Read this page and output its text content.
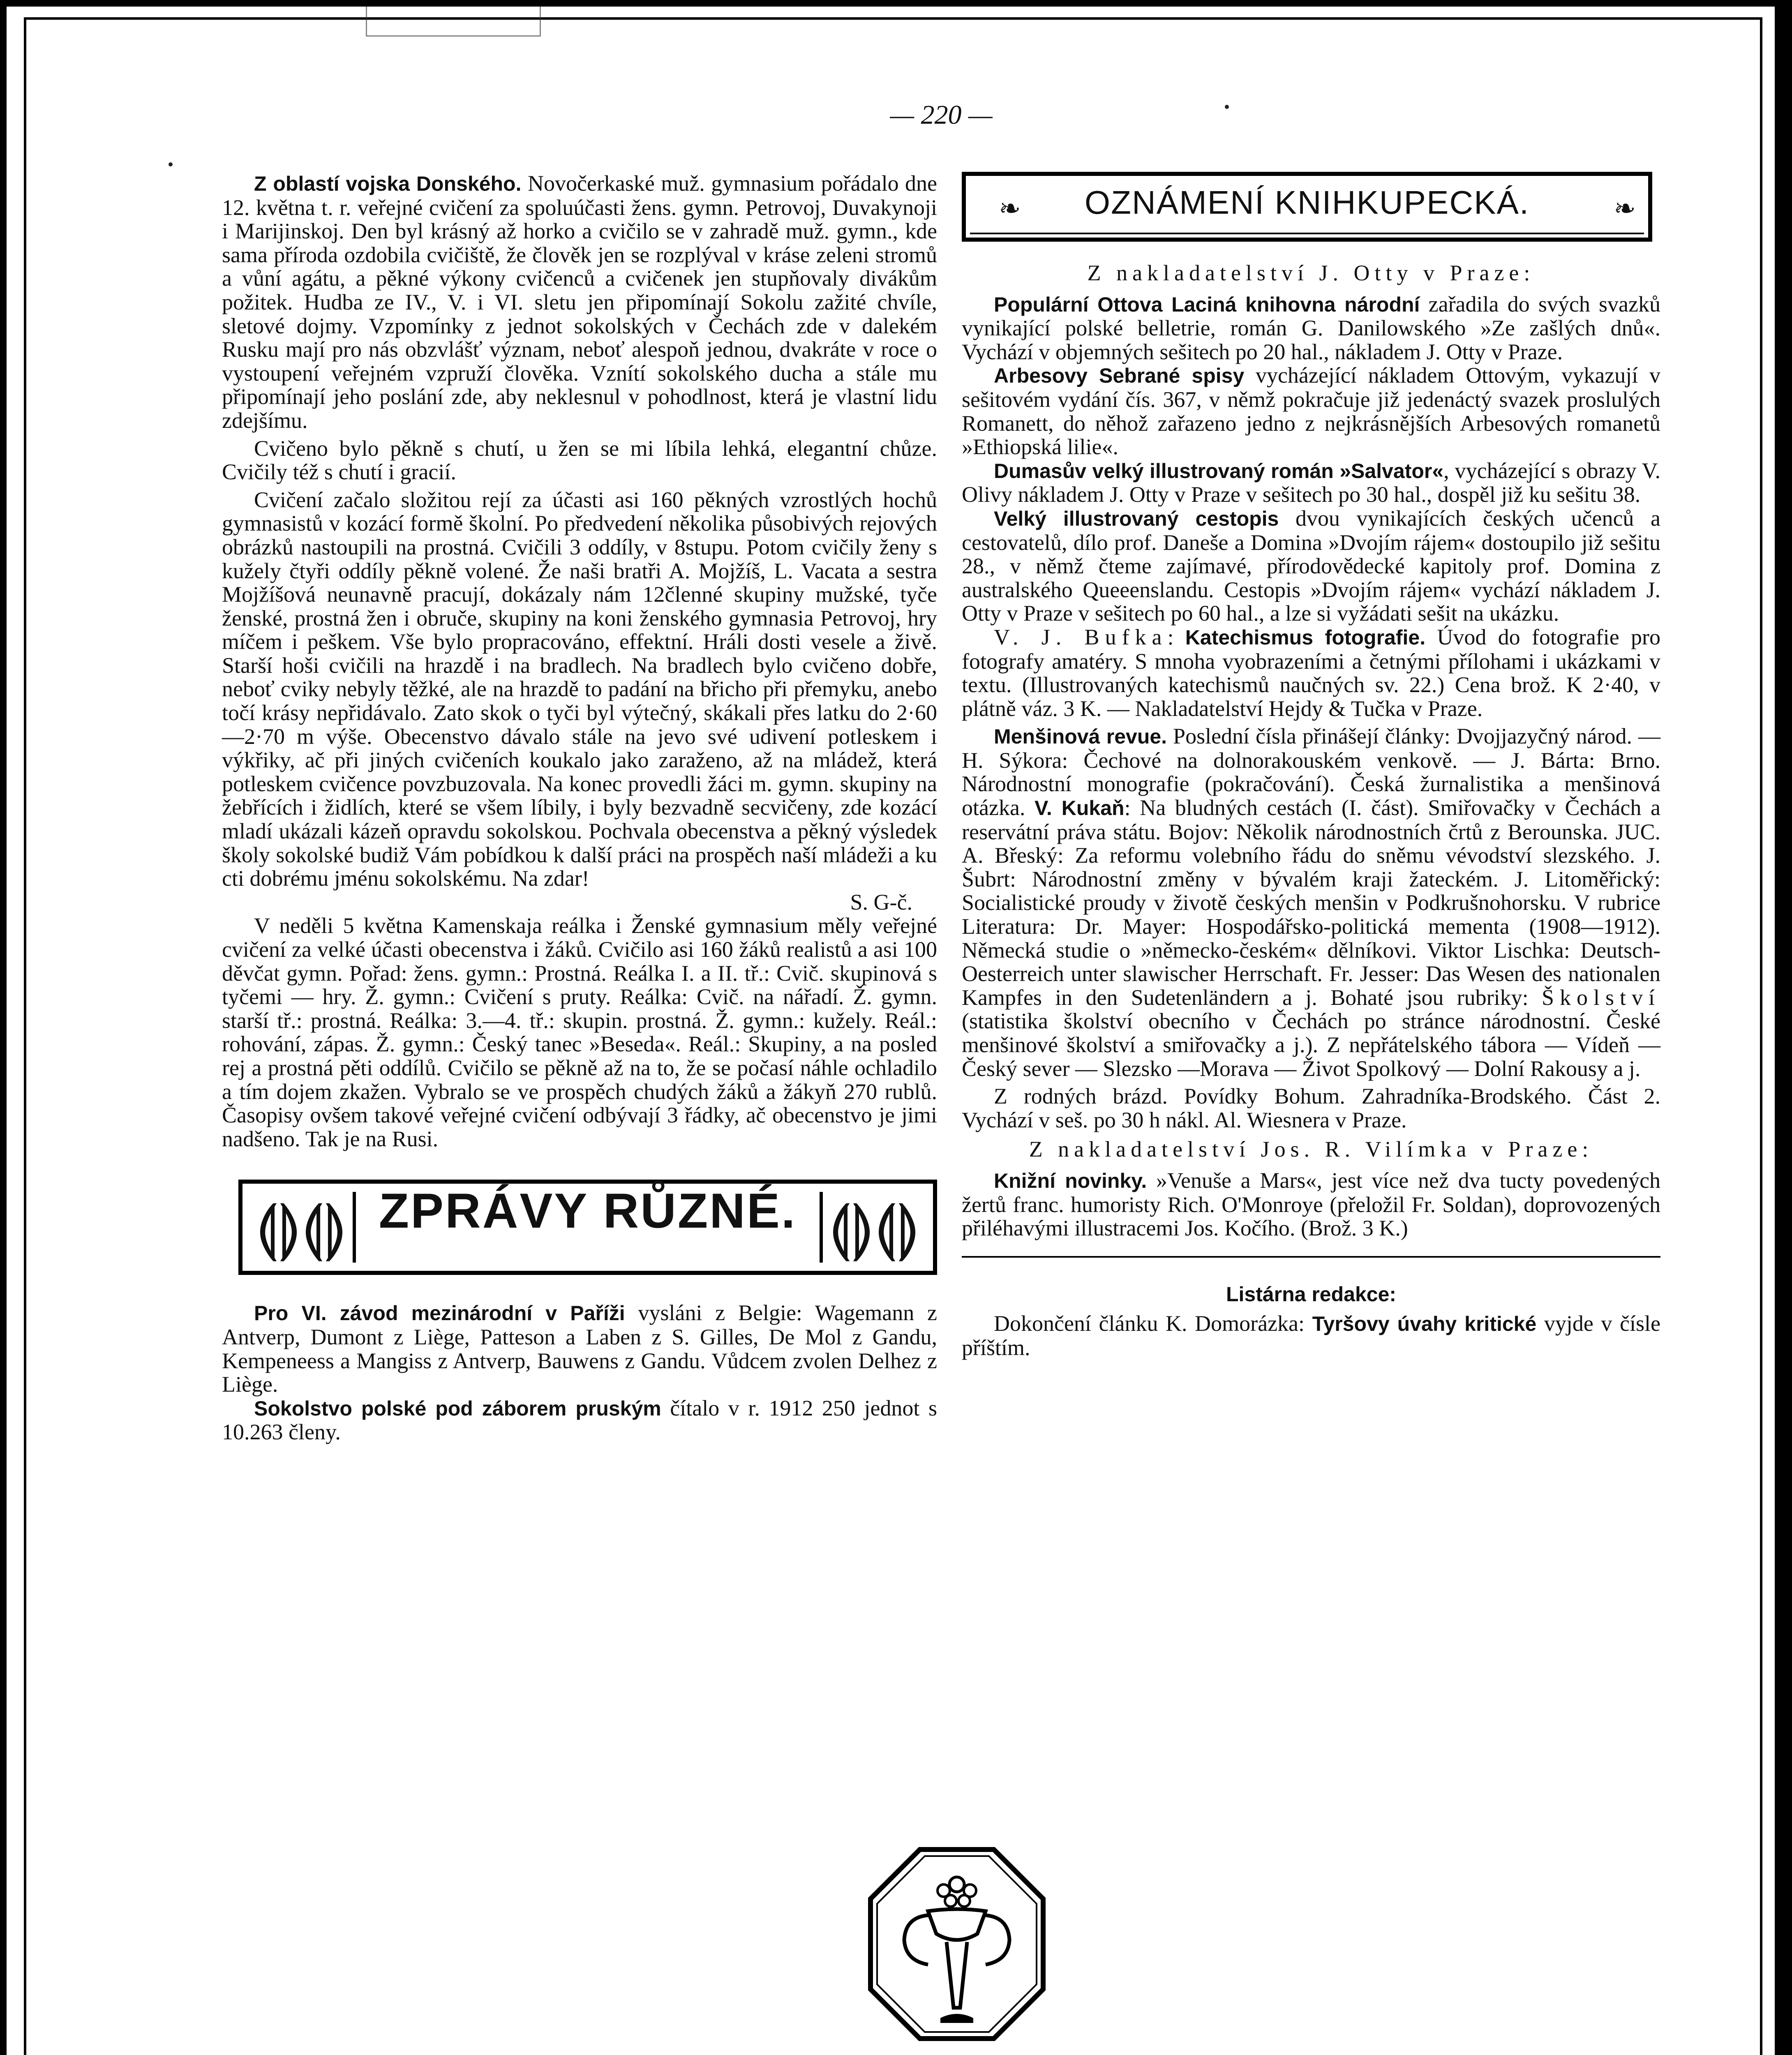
— 220 —

Z oblastí vojska Donského. Novočerkaské muž. gymnasium pořádalo dne 12. května t. r. veřejné cvičení za spoluúčasti žens. gymn. Petrovoj, Duvakynoji i Marijinskoj. Den byl krásný až horko a cvičilo se v zahradě muž. gymn., kde sama příroda ozdobila cvičiště, že člověk jen se rozplýval v kráse zeleni stromů a vůní agátu, a pěkné výkony cvičenců a cvičenek jen stupňovaly divákům požitek. Hudba ze IV., V. i VI. sletu jen připomínají Sokolu zažité chvíle, sletové dojmy. Vzpomínky z jednot sokolských v Čechách zde v dalekém Rusku mají pro nás obzvlášť význam, neboť alespoň jednou, dvakráte v roce o vystoupení veřejném vzpruží člověka. Vznítí sokolského ducha a stále mu připomínají jeho poslání zde, aby neklesnul v pohodlnost, která je vlastní lidu zdejšímu.

Cvičeno bylo pěkně s chutí, u žen se mi líbila lehká, elegantní chůze. Cvičily též s chutí i gracií.

Cvičení začalo složitou rejí za účasti asi 160 pěkných vzrostlých hochů gymnasistů v kozácí formě školní. Po předvedení několika působivých rejových obrázků nastoupili na prostná. Cvičili 3 oddíly, v 8stupu. Potom cvičily ženy s kužely čtyři oddíly pěkně volené. Že naši bratři A. Mojžíš, L. Vacata a sestra Mojžíšová neunavně pracují, dokázaly nám 12členné skupiny mužské, tyče ženské, prostná žen i obruče, skupiny na koni ženského gymnasia Petrovoj, hry míčem i peškem. Vše bylo propracováno, effektní. Hráli dosti vesele a živě. Starší hoši cvičili na hrazdě i na bradlech. Na bradlech bylo cvičeno dobře, neboť cviky nebyly těžké, ale na hrazdě to padání na břicho při přemyku, anebo točí krásy nepřidávalo. Zato skok o tyči byl výtečný, skákali přes latku do 2·60—2·70 m výše. Obecenstvo dávalo stále na jevo své udivení potleskem i výkřiky, ač při jiných cvičeních koukalo jako zaraženo, až na mládež, která potleskem cvičence povzbuzovala. Na konec provedli žáci m. gymn. skupiny na žebřících i židlích, které se všem líbily, i byly bezvadně secvičeny, zde kozácí mladí ukázali kázeň opravdu sokolskou. Pochvala obecenstva a pěkný výsledek školy sokolské budiž Vám pobídkou k další práci na prospěch naší mládeži a ku cti dobrému jménu sokolskému. Na zdar!

S. G-č.

V neděli 5 května Kamenskaja reálka i Ženské gymnasium měly veřejné cvičení za velké účasti obecenstva i žáků. Cvičilo asi 160 žáků realistů a asi 100 děvčat gymn. Pořad: žens. gymn.: Prostná. Reálka I. a II. tř.: Cvič. skupinová s tyčemi — hry. Ž. gymn.: Cvičení s pruty. Reálka: Cvič. na nářadí. Ž. gymn. starší tř.: prostná. Reálka: 3.—4. tř.: skupin. prostná. Ž. gymn.: kužely. Reál.: rohování, zápas. Ž. gymn.: Český tanec »Beseda«. Reál.: Skupiny, a na posled rej a prostná pěti oddílů. Cvičilo se pěkně až na to, že se počasí náhle ochladilo a tím dojem zkažen. Vybralo se ve prospěch chudých žáků a žákyň 270 rublů. Časopisy ovšem takové veřejné cvičení odbývají 3 řádky, ač obecenstvo je jimi nadšeno. Tak je na Rusi.

⟬⟭⟬⟭ ZPRÁVY RŮZNÉ. ⟬⟭⟬⟭

Pro VI. závod mezinárodní v Paříži vysláni z Belgie: Wagemann z Antverp, Dumont z Liège, Patteson a Laben z S. Gilles, De Mol z Gandu, Kempeneess a Mangiss z Antverp, Bauwens z Gandu. Vůdcem zvolen Delhez z Liège.

Sokolstvo polské pod záborem pruským čítalo v r. 1912 250 jednot s 10.263 členy.

❧	OZNÁMENÍ KNIHKUPECKÁ.	❧

Z nakladatelství J. Otty v Praze:

Populární Ottova Laciná knihovna národní zařadila do svých svazků vynikající polské belletrie, román G. Danilowského »Ze zašlých dnů«. Vychází v objemných sešitech po 20 hal., nákladem J. Otty v Praze.

Arbesovy Sebrané spisy vycházející nákladem Ottovým, vykazují v sešitovém vydání čís. 367, v němž pokračuje již jedenáctý svazek proslulých Romanett, do něhož zařazeno jedno z nejkrásnějších Arbesových romanetů »Ethiopská lilie«.

Dumasův velký illustrovaný román »Salvator«, vycházející s obrazy V. Olivy nákladem J. Otty v Praze v sešitech po 30 hal., dospěl již ku sešitu 38.

Velký illustrovaný cestopis dvou vynikajících českých učenců a cestovatelů, dílo prof. Daneše a Domina »Dvojím rájem« dostoupilo již sešitu 28., v němž čteme zajímavé, přírodovědecké kapitoly prof. Domina z australského Queeenslandu. Cestopis »Dvojím rájem« vychází nákladem J. Otty v Praze v sešitech po 60 hal., a lze si vyžádati sešit na ukázku.

V. J. Bufka: Katechismus fotografie. Úvod do fotografie pro fotografy amatéry. S mnoha vyobrazeními a četnými přílohami i ukázkami v textu. (Illustrovaných katechismů naučných sv. 22.) Cena brož. K 2·40, v plátně váz. 3 K. — Nakladatelství Hejdy & Tučka v Praze.

Menšinová revue. Poslední čísla přinášejí články: Dvojjazyčný národ. — H. Sýkora: Čechové na dolnorakouském venkově. — J. Bárta: Brno. Národnostní monografie (pokračování). Česká žurnalistika a menšinová otázka. V. Kukaň: Na bludných cestách (I. část). Smiřovačky v Čechách a reservátní práva státu. Bojov: Několik národnostních črtů z Berounska. JUC. A. Břeský: Za reformu volebního řádu do sněmu vévodství slezského. J. Šubrt: Národnostní změny v bývalém kraji žateckém. J. Litoměřický: Socialistické proudy v životě českých menšin v Podkrušnohorsku. V rubrice Literatura: Dr. Mayer: Hospodářsko-politická mementa (1908—1912). Německá studie o »německo-českém« dělníkovi. Viktor Lischka: Deutsch-Oesterreich unter slawischer Herrschaft. Fr. Jesser: Das Wesen des nationalen Kampfes in den Sudetenländern a j. Bohaté jsou rubriky: Školství (statistika školství obecního v Čechách po stránce národnostní. České menšinové školství a smiřovačky a j.). Z nepřátelského tábora — Vídeň — Český sever — Slezsko —Morava — Život Spolkový — Dolní Rakousy a j.

Z rodných brázd. Povídky Bohum. Zahradníka-Brodského. Část 2. Vychází v seš. po 30 h nákl. Al. Wiesnera v Praze.

Z nakladatelství Jos. R. Vilímka v Praze:

Knižní novinky. »Venuše a Mars«, jest více než dva tucty povedených žertů franc. humoristy Rich. O'Monroye (přeložil Fr. Soldan), doprovozených přiléhavými illustracemi Jos. Kočího. (Brož. 3 K.)

Listárna redakce:

Dokončení článku K. Domorázka: Tyršovy úvahy kritické vyjde v čísle příštím.
